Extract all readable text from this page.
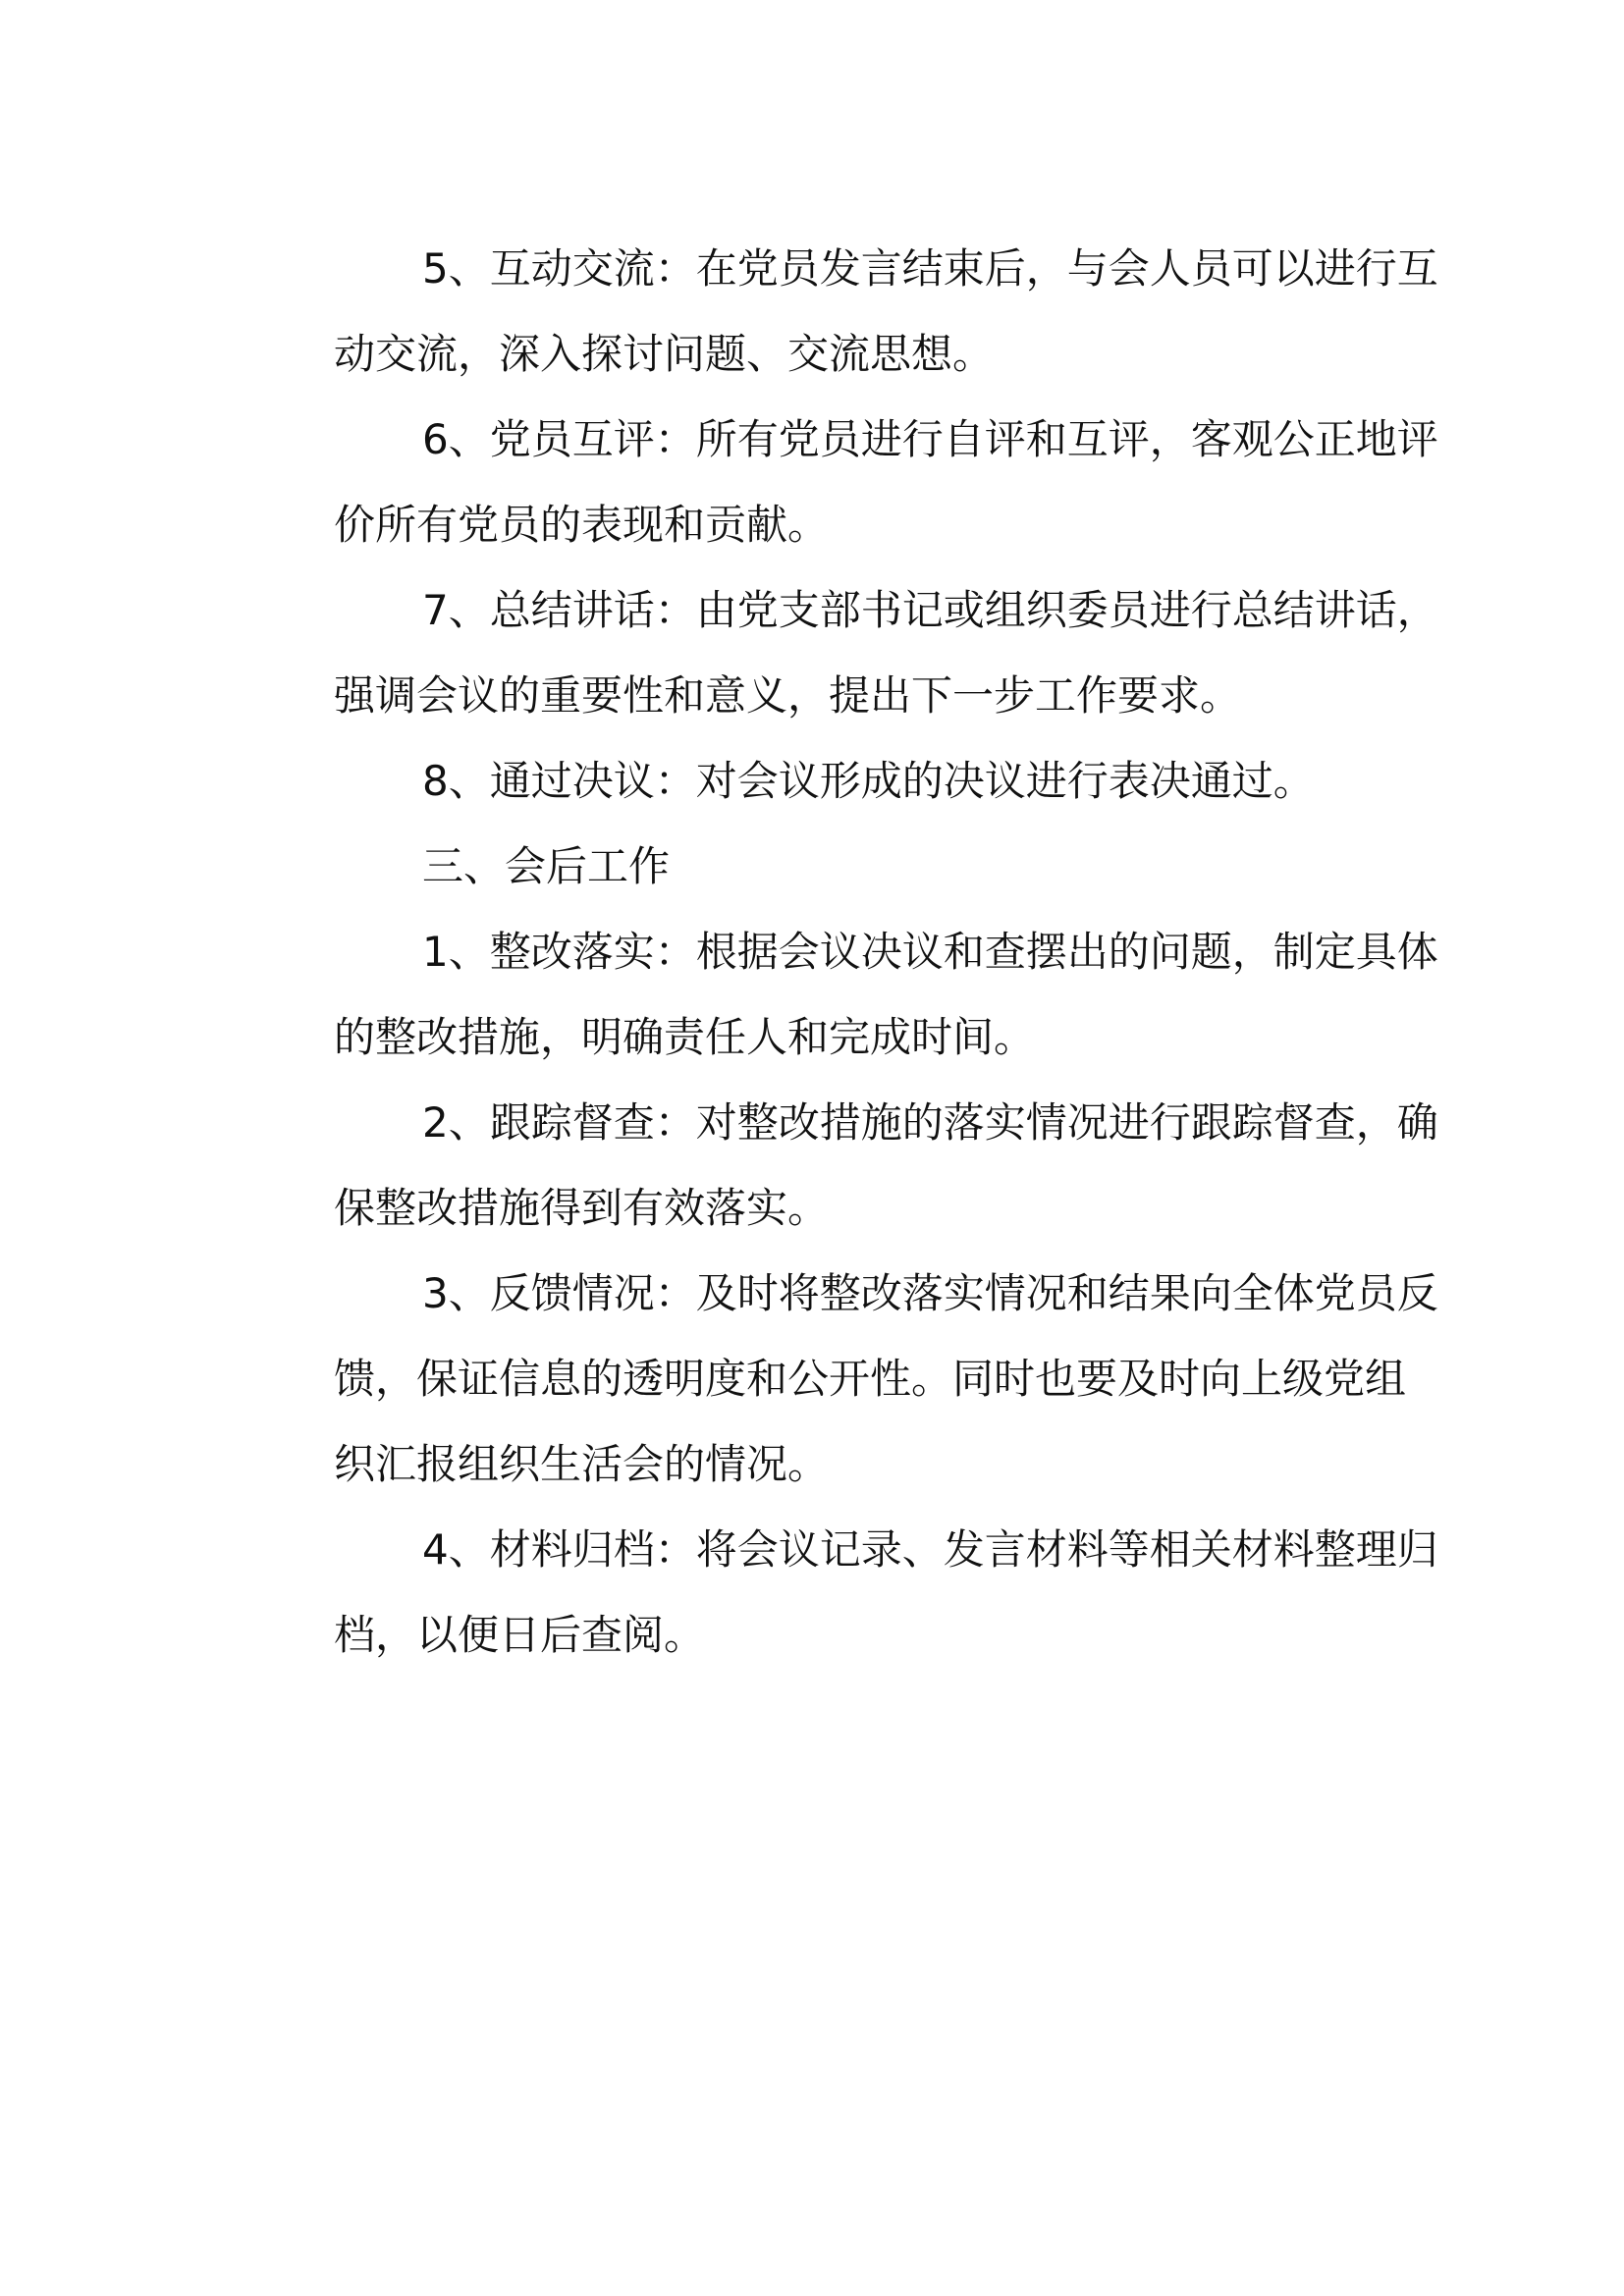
5、互动交流：在党员发言结束后，与会人员可以进行互
动交流，深入探讨问题、交流思想。

6、党员互评：所有党员进行自评和互评，客观公正地评
价所有党员的表现和贡献。

7、总结讲话：由党支部书记或组织委员进行总结讲话，
强调会议的重要性和意义，提出下一步工作要求。

8、通过决议：对会议形成的决议进行表决通过。

三、会后工作

1、整改落实：根据会议决议和查摆出的问题，制定具体
的整改措施，明确责任人和完成时间。

2、跟踪督查：对整改措施的落实情况进行跟踪督查，确
保整改措施得到有效落实。

3、反馈情况：及时将整改落实情况和结果向全体党员反
馈，保证信息的透明度和公开性。同时也要及时向上级党组
织汇报组织生活会的情况。

4、材料归档：将会议记录、发言材料等相关材料整理归
档，以便日后查阅。
